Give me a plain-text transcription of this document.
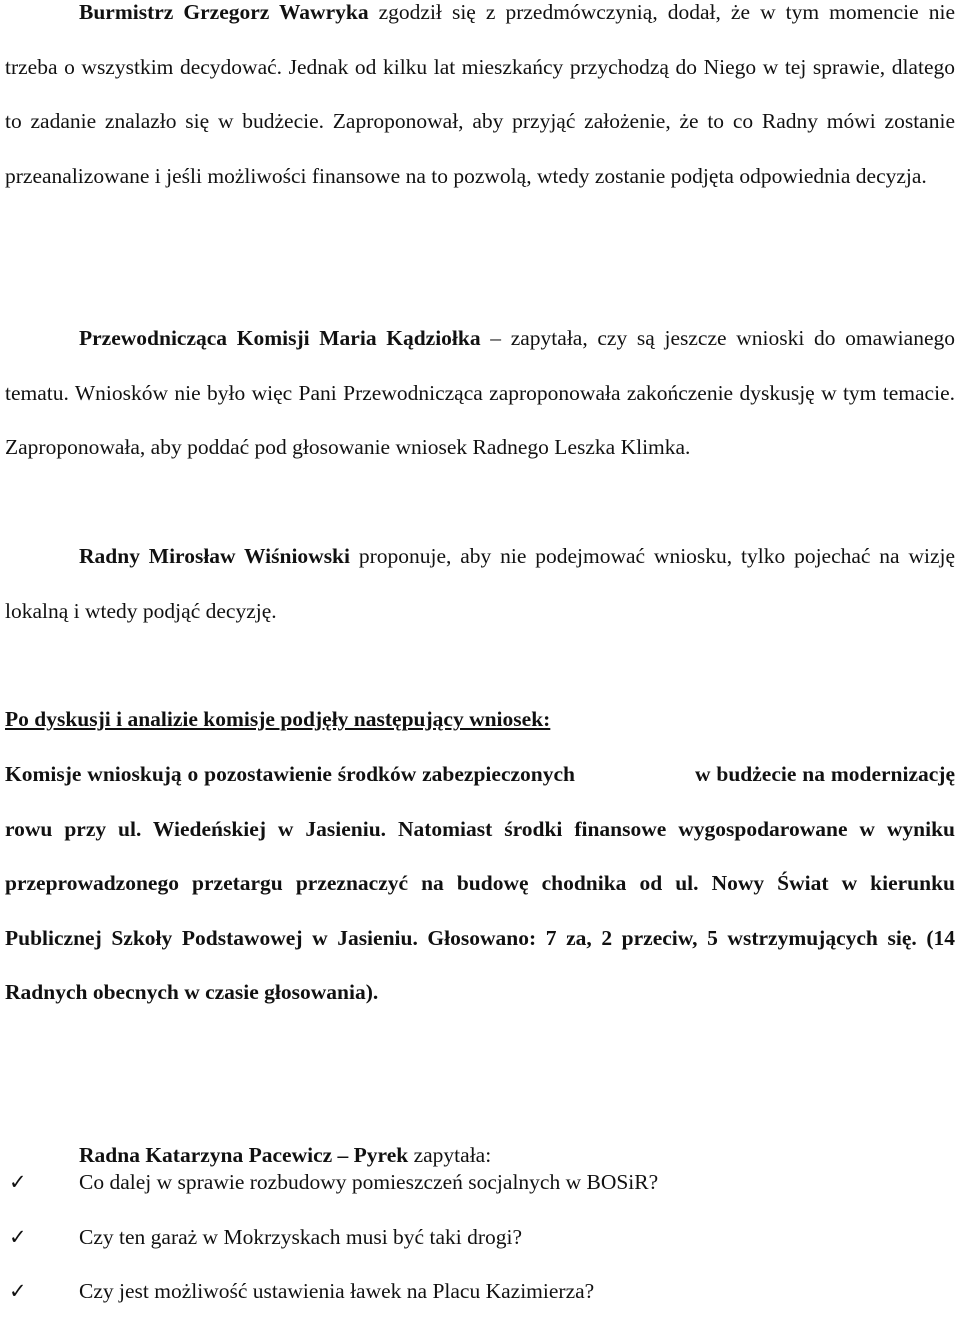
Burmistrz Grzegorz Wawryka zgodził się z przedmówczynią, dodał, że w tym momencie nie trzeba o wszystkim decydować. Jednak od kilku lat mieszkańcy przychodzą do Niego w tej sprawie, dlatego to zadanie znalazło się w budżecie. Zaproponował, aby przyjąć założenie, że to co Radny mówi zostanie przeanalizowane i jeśli możliwości finansowe na to pozwolą, wtedy zostanie podjęta odpowiednia decyzja.

Przewodnicząca Komisji Maria Kądziołka – zapytała, czy są jeszcze wnioski do omawianego tematu. Wniosków nie było więc Pani Przewodnicząca zaproponowała zakończenie dyskusję w tym temacie. Zaproponowała, aby poddać pod głosowanie wniosek Radnego Leszka Klimka.

Radny Mirosław Wiśniowski proponuje, aby nie podejmować wniosku, tylko pojechać na wizję lokalną i wtedy podjąć decyzję.

Po dyskusji i analizie komisje podjęły następujący wniosek:

Komisje wnioskują o pozostawienie środków zabezpieczonych	w budżecie na modernizację rowu przy ul. Wiedeńskiej w Jasieniu. Natomiast środki finansowe wygospodarowane w wyniku przeprowadzonego przetargu przeznaczyć na budowę chodnika od ul. Nowy Świat w kierunku Publicznej Szkoły Podstawowej w Jasieniu. Głosowano: 7 za, 2 przeciw, 5 wstrzymujących się. (14 Radnych obecnych w czasie głosowania).

Radna Katarzyna Pacewicz – Pyrek zapytała:

✓ Co dalej w sprawie rozbudowy pomieszczeń socjalnych w BOSiR?
✓ Czy ten garaż w Mokrzyskach musi być taki drogi?
✓ Czy jest możliwość ustawienia ławek na Placu Kazimierza?
